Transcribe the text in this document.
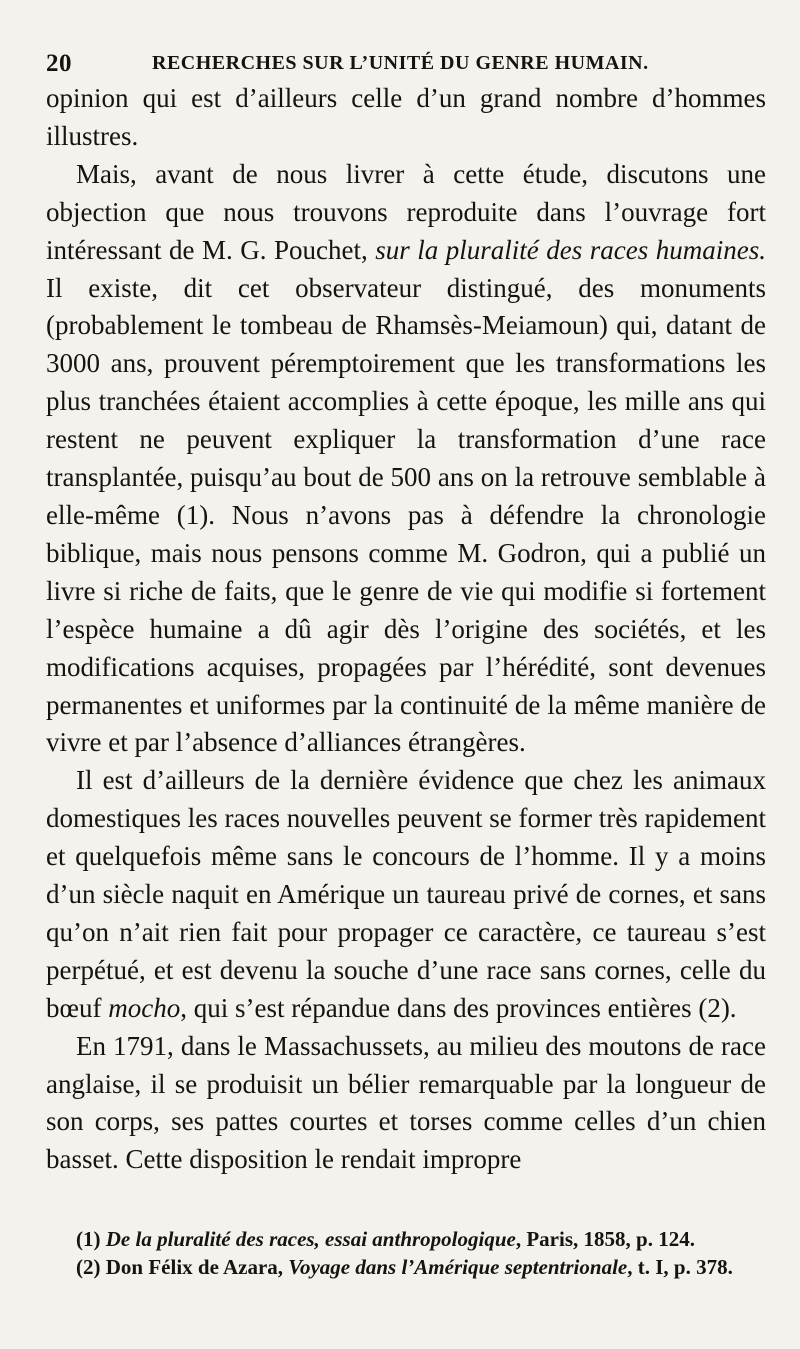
20	RECHERCHES SUR L’UNITÉ DU GENRE HUMAIN.

opinion qui est d’ailleurs celle d’un grand nombre d’hommes illustres.

Mais, avant de nous livrer à cette étude, discutons une objection que nous trouvons reproduite dans l’ouvrage fort intéressant de M. G. Pouchet, sur la pluralité des races humaines. Il existe, dit cet observateur distingué, des monuments (probablement le tombeau de Rhamsès-Meiamoun) qui, datant de 3000 ans, prouvent péremptoirement que les transformations les plus tranchées étaient accomplies à cette époque, les mille ans qui restent ne peuvent expliquer la transformation d’une race transplantée, puisqu’au bout de 500 ans on la retrouve semblable à elle-même (1). Nous n’avons pas à défendre la chronologie biblique, mais nous pensons comme M. Godron, qui a publié un livre si riche de faits, que le genre de vie qui modifie si fortement l’espèce humaine a dû agir dès l’origine des sociétés, et les modifications acquises, propagées par l’hérédité, sont devenues permanentes et uniformes par la continuité de la même manière de vivre et par l’absence d’alliances étrangères.

Il est d’ailleurs de la dernière évidence que chez les animaux domestiques les races nouvelles peuvent se former très rapidement et quelquefois même sans le concours de l’homme. Il y a moins d’un siècle naquit en Amérique un taureau privé de cornes, et sans qu’on n’ait rien fait pour propager ce caractère, ce taureau s’est perpétué, et est devenu la souche d’une race sans cornes, celle du bœuf mocho, qui s’est répandue dans des provinces entières (2).

En 1791, dans le Massachussets, au milieu des moutons de race anglaise, il se produisit un bélier remarquable par la longueur de son corps, ses pattes courtes et torses comme celles d’un chien basset. Cette disposition le rendait impropre

(1) De la pluralité des races, essai anthropologique, Paris, 1858, p. 124.

(2) Don Félix de Azara, Voyage dans l’Amérique septentrionale, t. I, p. 378.
